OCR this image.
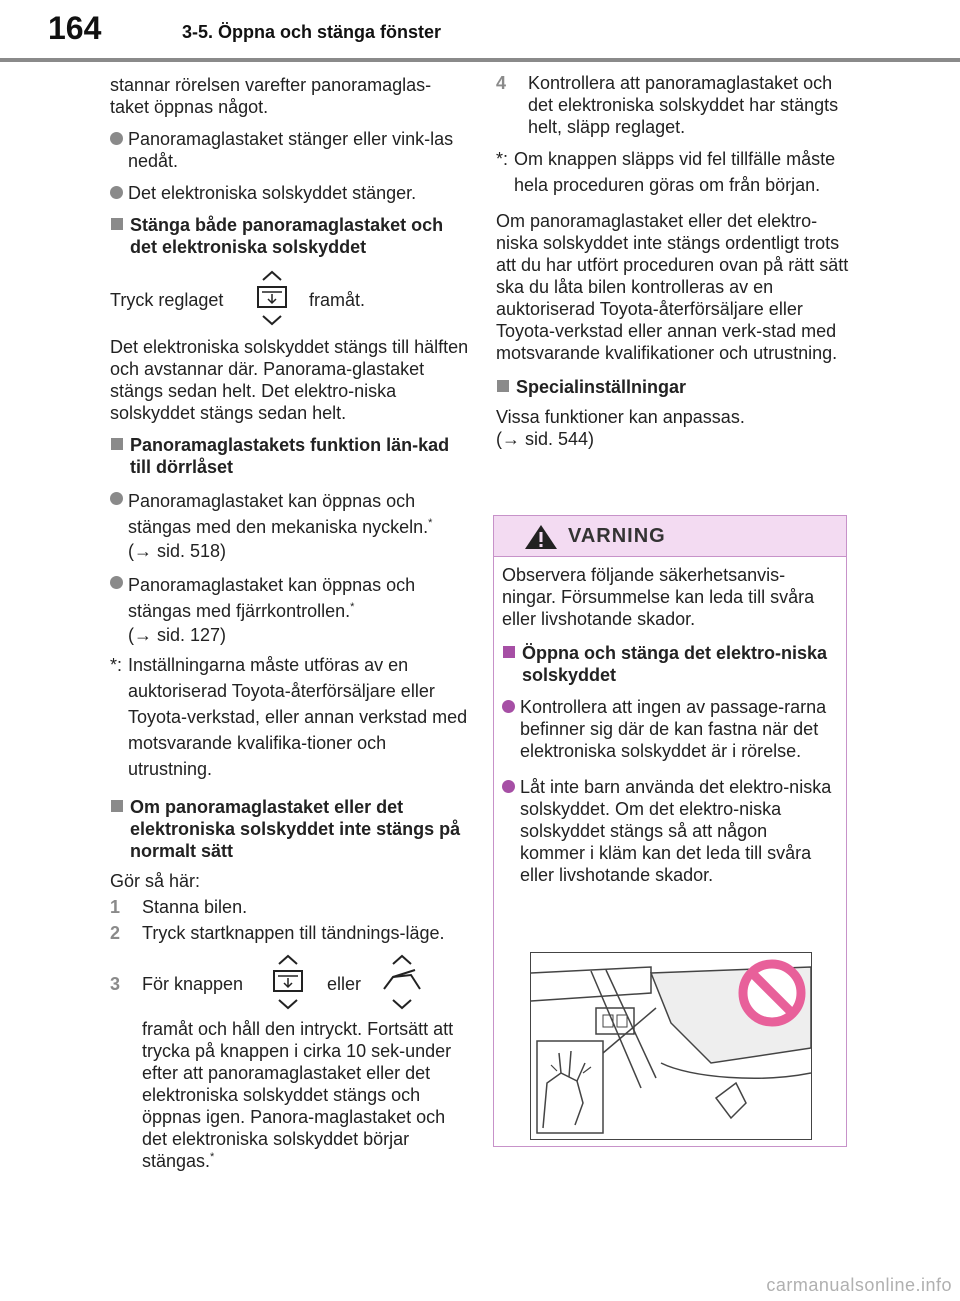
164	3-5. Öppna och stänga fönster

stannar rörelsen varefter panoramaglas-taket öppnas något.

Panoramaglastaket stänger eller vink-las nedåt.

Det elektroniska solskyddet stänger.

Stänga både panoramaglastaket och det elektroniska solskyddet

Tryck reglaget	framåt.

Det elektroniska solskyddet stängs till hälften och avstannar där. Panorama-glastaket stängs sedan helt. Det elektro-niska solskyddet stängs sedan helt.

Panoramaglastakets funktion län-kad till dörrlåset

Panoramaglastaket kan öppnas och stängas med den mekaniska nyckeln.*

(→ sid. 518)

Panoramaglastaket kan öppnas och stängas med fjärrkontrollen.*

(→ sid. 127)

*: Inställningarna måste utföras av en auktoriserad Toyota-återförsäljare eller Toyota-verkstad, eller annan verkstad med motsvarande kvalifika-tioner och utrustning.

Om panoramaglastaket eller det elektroniska solskyddet inte stängs på normalt sätt

Gör så här:

1 Stanna bilen.

2 Tryck startknappen till tändnings-läge.

3 För knappen	eller

framåt och håll den intryckt. Fortsätt att trycka på knappen i cirka 10 sek-under efter att panoramaglastaket eller det elektroniska solskyddet stängs och öppnas igen. Panora-maglastaket och det elektroniska solskyddet börjar stängas.*

4 Kontrollera att panoramaglastaket och det elektroniska solskyddet har stängts helt, släpp reglaget.

*: Om knappen släpps vid fel tillfälle måste hela proceduren göras om från början.

Om panoramaglastaket eller det elektro-niska solskyddet inte stängs ordentligt trots att du har utfört proceduren ovan på rätt sätt ska du låta bilen kontrolleras av en auktoriserad Toyota-återförsäljare eller Toyota-verkstad eller annan verk-stad med motsvarande kvalifikationer och utrustning.

Specialinställningar

Vissa funktioner kan anpassas.

(→ sid. 544)

VARNING

Observera följande säkerhetsanvis-ningar. Försummelse kan leda till svåra eller livshotande skador.

Öppna och stänga det elektro-niska solskyddet

Kontrollera att ingen av passage-rarna befinner sig där de kan fastna när det elektroniska solskyddet är i rörelse.

Låt inte barn använda det elektro-niska solskyddet. Om det elektro-niska solskyddet stängs så att någon kommer i kläm kan det leda till svåra eller livshotande skador.

carmanualsonline.info
